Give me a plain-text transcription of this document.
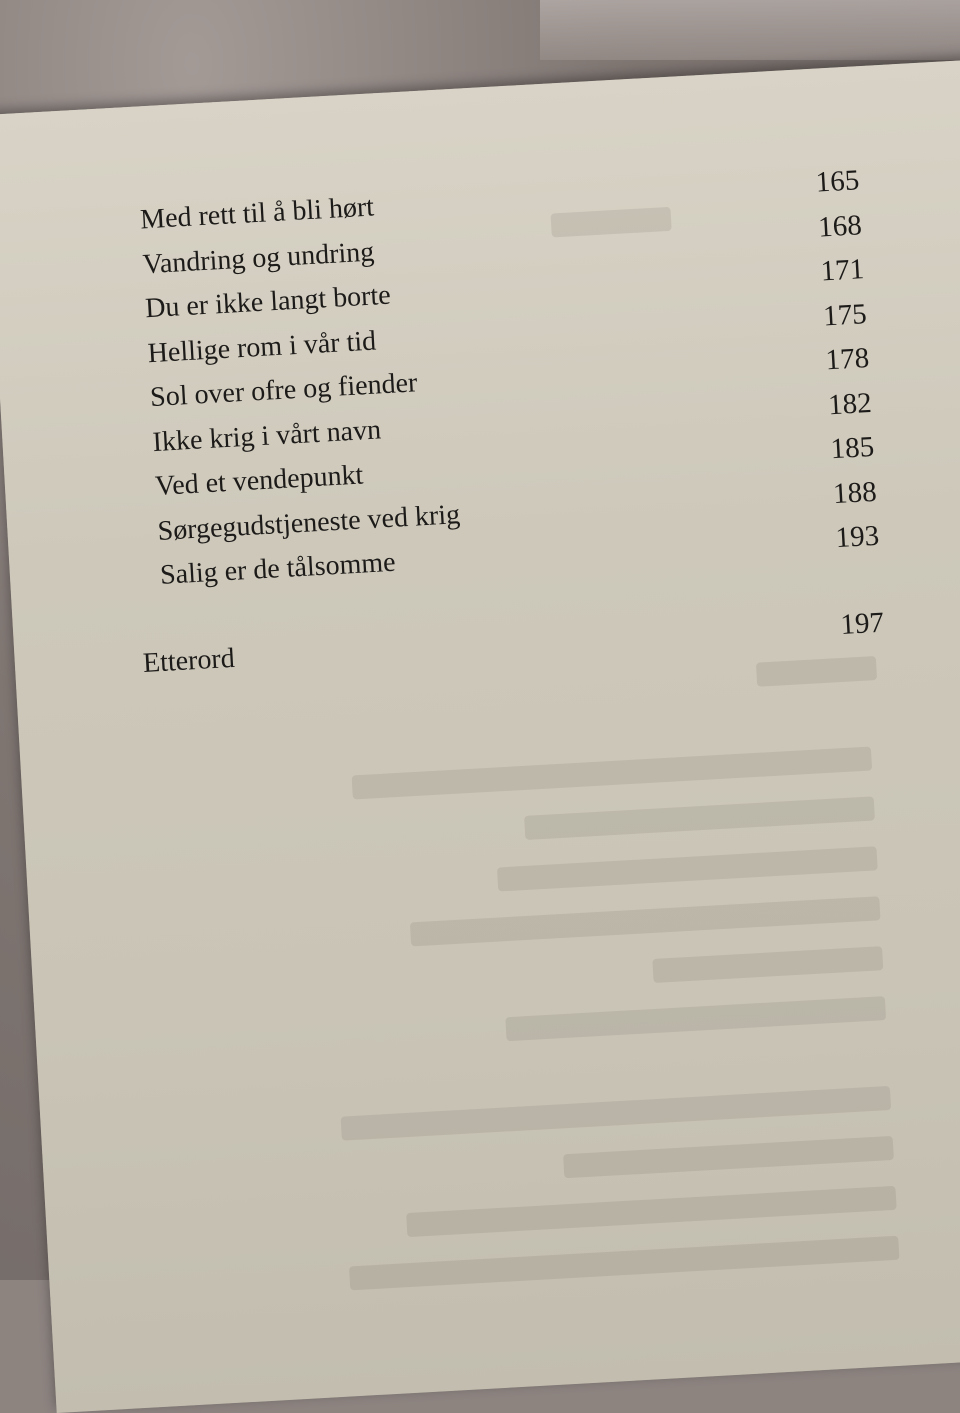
Med rett til å bli hørt
165
Vandring og undring
168
Du er ikke langt borte
171
Hellige rom i vår tid
175
Sol over ofre og fiender
178
Ikke krig i vårt navn
182
Ved et vendepunkt
185
Sørgegudstjeneste ved krig
188
Salig er de tålsomme
193
Etterord
197
